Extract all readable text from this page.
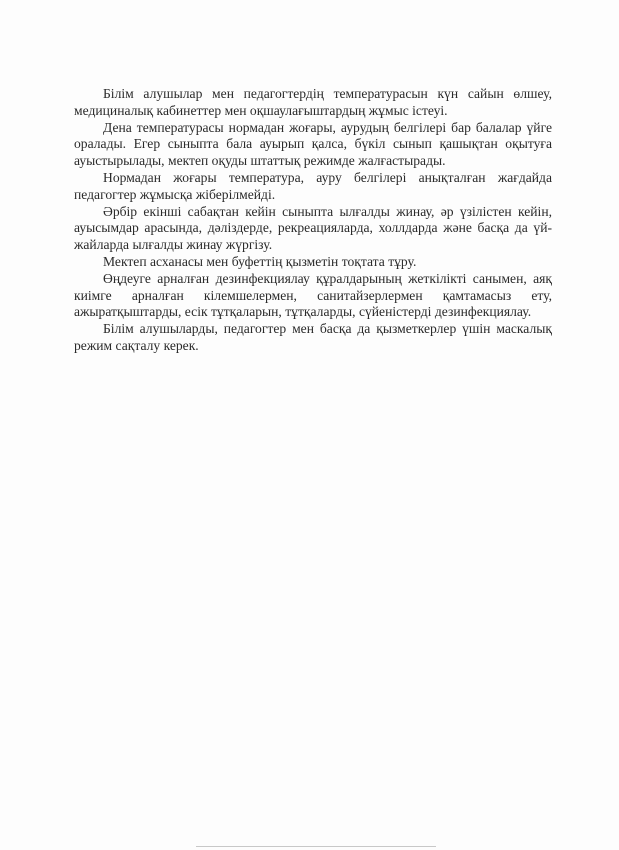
Білім алушылар мен педагогтердің температурасын күн сайын өлшеу, медициналық кабинеттер мен оқшаулағыштардың жұмыс істеуі.

Дена температурасы нормадан жоғары, аурудың белгілері бар балалар үйге оралады. Егер сыныпта бала ауырып қалса, бүкіл сынып қашықтан оқытуға ауыстырылады, мектеп оқуды штаттық режимде жалғастырады.

Нормадан жоғары температура, ауру белгілері анықталған жағдайда педагогтер жұмысқа жіберілмейді.

Әрбір екінші сабақтан кейін сыныпта ылғалды жинау, әр үзілістен кейін, ауысымдар арасында, дәліздерде, рекреацияларда, холлдарда және басқа да үй-жайларда ылғалды жинау жүргізу.

Мектеп асханасы мен буфеттің қызметін тоқтата тұру.

Өңдеуге арналған дезинфекциялау құралдарының жеткілікті санымен, аяқ киімге арналған кілемшелермен, санитайзерлермен қамтамасыз ету, ажыратқыштарды, есік тұтқаларын, тұтқаларды, сүйеністерді дезинфекциялау.

Білім алушыларды, педагогтер мен басқа да қызметкерлер үшін маскалық режим сақталу керек.
